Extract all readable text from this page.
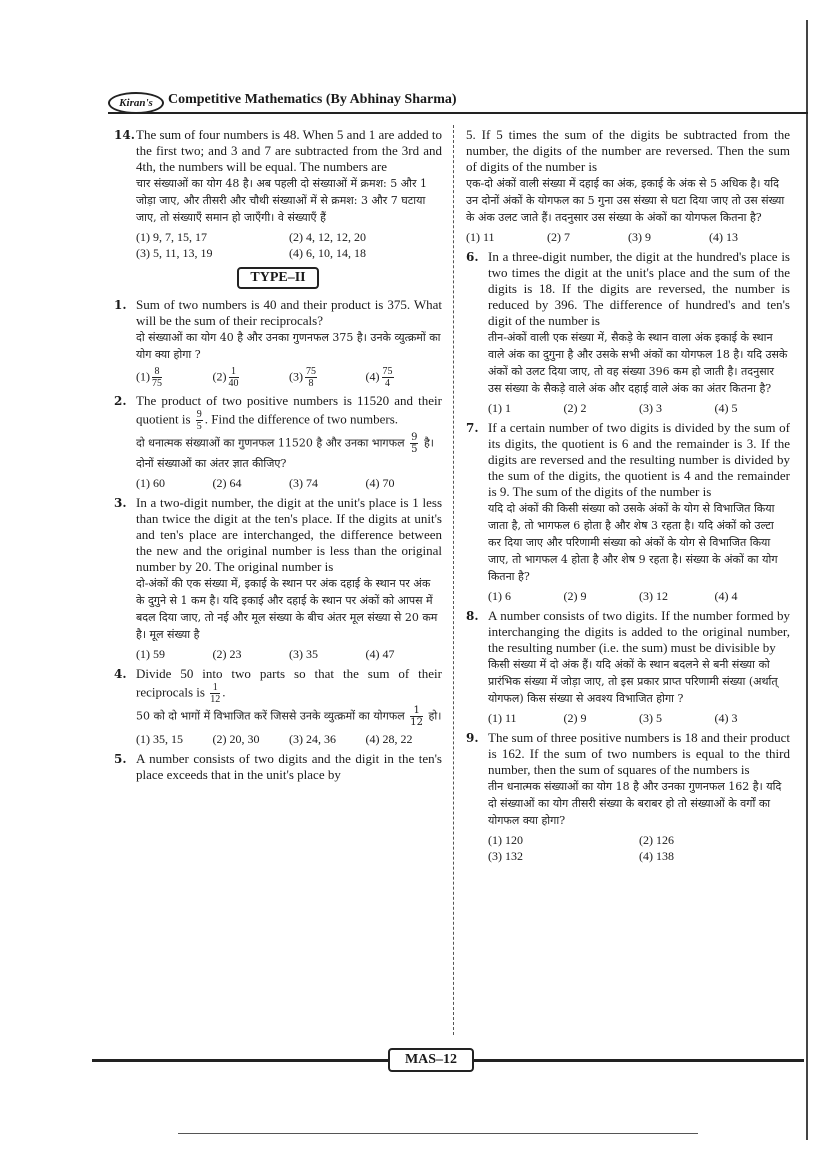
Kiran's	Competitive Mathematics (By Abhinay Sharma)
14. The sum of four numbers is 48. When 5 and 1 are added to the first two; and 3 and 7 are subtracted from the 3rd and 4th, the numbers will be equal. The numbers are
चार संख्याओं का योग 48 है। अब पहली दो संख्याओं में क्रमश: 5 और 1 जोड़ा जाए, और तीसरी और चौथी संख्याओं में से क्रमश: 3 और 7 घटाया जाए, तो संख्याएँ समान हो जाएँगी। वे संख्याएँ हैं
(1) 9, 7, 15, 17	(2) 4, 12, 12, 20
(3) 5, 11, 13, 19	(4) 6, 10, 14, 18
TYPE–II
1. Sum of two numbers is 40 and their product is 375. What will be the sum of their reciprocals?
दो संख्याओं का योग 40 है और उनका गुणनफल 375 है। उनके व्युत्क्रमों का योग क्या होगा ?
$(1) \frac{8}{75}$	$(2) \frac{1}{40}$	$(3) \frac{75}{8}$	$(4) \frac{75}{4}$
2. The product of two positive numbers is 11520 and their quotient is $\frac{9}{5}$ . Find the difference of two numbers.
दो धनात्मक संख्याओं का गुणनफल 11520 है और उनका भागफल $\frac{9}{5}$ है। दोनों संख्याओं का अंतर ज्ञात कीजिए?
(1) 60	(2) 64	(3) 74	(4) 70
3. In a two-digit number, the digit at the unit's place is 1 less than twice the digit at the ten's place. If the digits at unit's and ten's place are interchanged, the difference between the new and the original number is less than the original number by 20. The original number is
दो-अंकों की एक संख्या में, इकाई के स्थान पर अंक दहाई के स्थान पर अंक के दुगुने से 1 कम है। यदि इकाई और दहाई के स्थान पर अंकों को आपस में बदल दिया जाए, तो नई और मूल संख्या के बीच अंतर मूल संख्या से 20 कम है। मूल संख्या है
(1) 59	(2) 23	(3) 35	(4) 47
4. Divide 50 into two parts so that the sum of their reciprocals is $\frac{1}{12}$ .
50 को दो भागों में विभाजित करें जिससे उनके व्युत्क्रमों का योगफल $\frac{1}{12}$ हो।
(1) 35, 15	(2) 20, 30	(3) 24, 36	(4) 28, 22
5. A number consists of two digits and the digit in the ten's place exceeds that in the unit's place by
5. If 5 times the sum of the digits be subtracted from the number, the digits of the number are reversed. Then the sum of digits of the number is
एक-दो अंकों वाली संख्या में दहाई का अंक, इकाई के अंक से 5 अधिक है। यदि उन दोनों अंकों के योगफल का 5 गुना उस संख्या से घटा दिया जाए तो उस संख्या के अंक उलट जाते हैं। तदनुसार उस संख्या के अंकों का योगफल कितना है?
(1) 11	(2) 7	(3) 9	(4) 13
6. In a three-digit number, the digit at the hundred's place is two times the digit at the unit's place and the sum of the digits is 18. If the digits are reversed, the number is reduced by 396. The difference of hundred's and ten's digit of the number is
तीन-अंकों वाली एक संख्या में, सैकड़े के स्थान वाला अंक इकाई के स्थान वाले अंक का दुगुना है और उसके सभी अंकों का योगफल 18 है। यदि उसके अंकों को उलट दिया जाए, तो वह संख्या 396 कम हो जाती है। तदनुसार उस संख्या के सैकड़े वाले अंक और दहाई वाले अंक का अंतर कितना है?
(1) 1	(2) 2	(3) 3	(4) 5
7. If a certain number of two digits is divided by the sum of its digits, the quotient is 6 and the remainder is 3. If the digits are reversed and the resulting number is divided by the sum of the digits, the quotient is 4 and the remainder is 9. The sum of the digits of the number is
यदि दो अंकों की किसी संख्या को उसके अंकों के योग से विभाजित किया जाता है, तो भागफल 6 होता है और शेष 3 रहता है। यदि अंकों को उल्टा कर दिया जाए और परिणामी संख्या को अंकों के योग से विभाजित किया जाए, तो भागफल 4 होता है और शेष 9 रहता है। संख्या के अंकों का योग कितना है?
(1) 6	(2) 9	(3) 12	(4) 4
8. A number consists of two digits. If the number formed by interchanging the digits is added to the original number, the resulting number (i.e. the sum) must be divisible by
किसी संख्या में दो अंक हैं। यदि अंकों के स्थान बदलने से बनी संख्या को प्रारंभिक संख्या में जोड़ा जाए, तो इस प्रकार प्राप्त परिणामी संख्या (अर्थात् योगफल) किस संख्या से अवश्य विभाजित होगा ?
(1) 11	(2) 9	(3) 5	(4) 3
9. The sum of three positive numbers is 18 and their product is 162. If the sum of two numbers is equal to the third number, then the sum of squares of the numbers is
तीन धनात्मक संख्याओं का योग 18 है और उनका गुणनफल 162 है। यदि दो संख्याओं का योग तीसरी संख्या के बराबर हो तो संख्याओं के वर्गों का योगफल क्या होगा?
(1) 120	(2) 126
(3) 132	(4) 138
MAS–12
